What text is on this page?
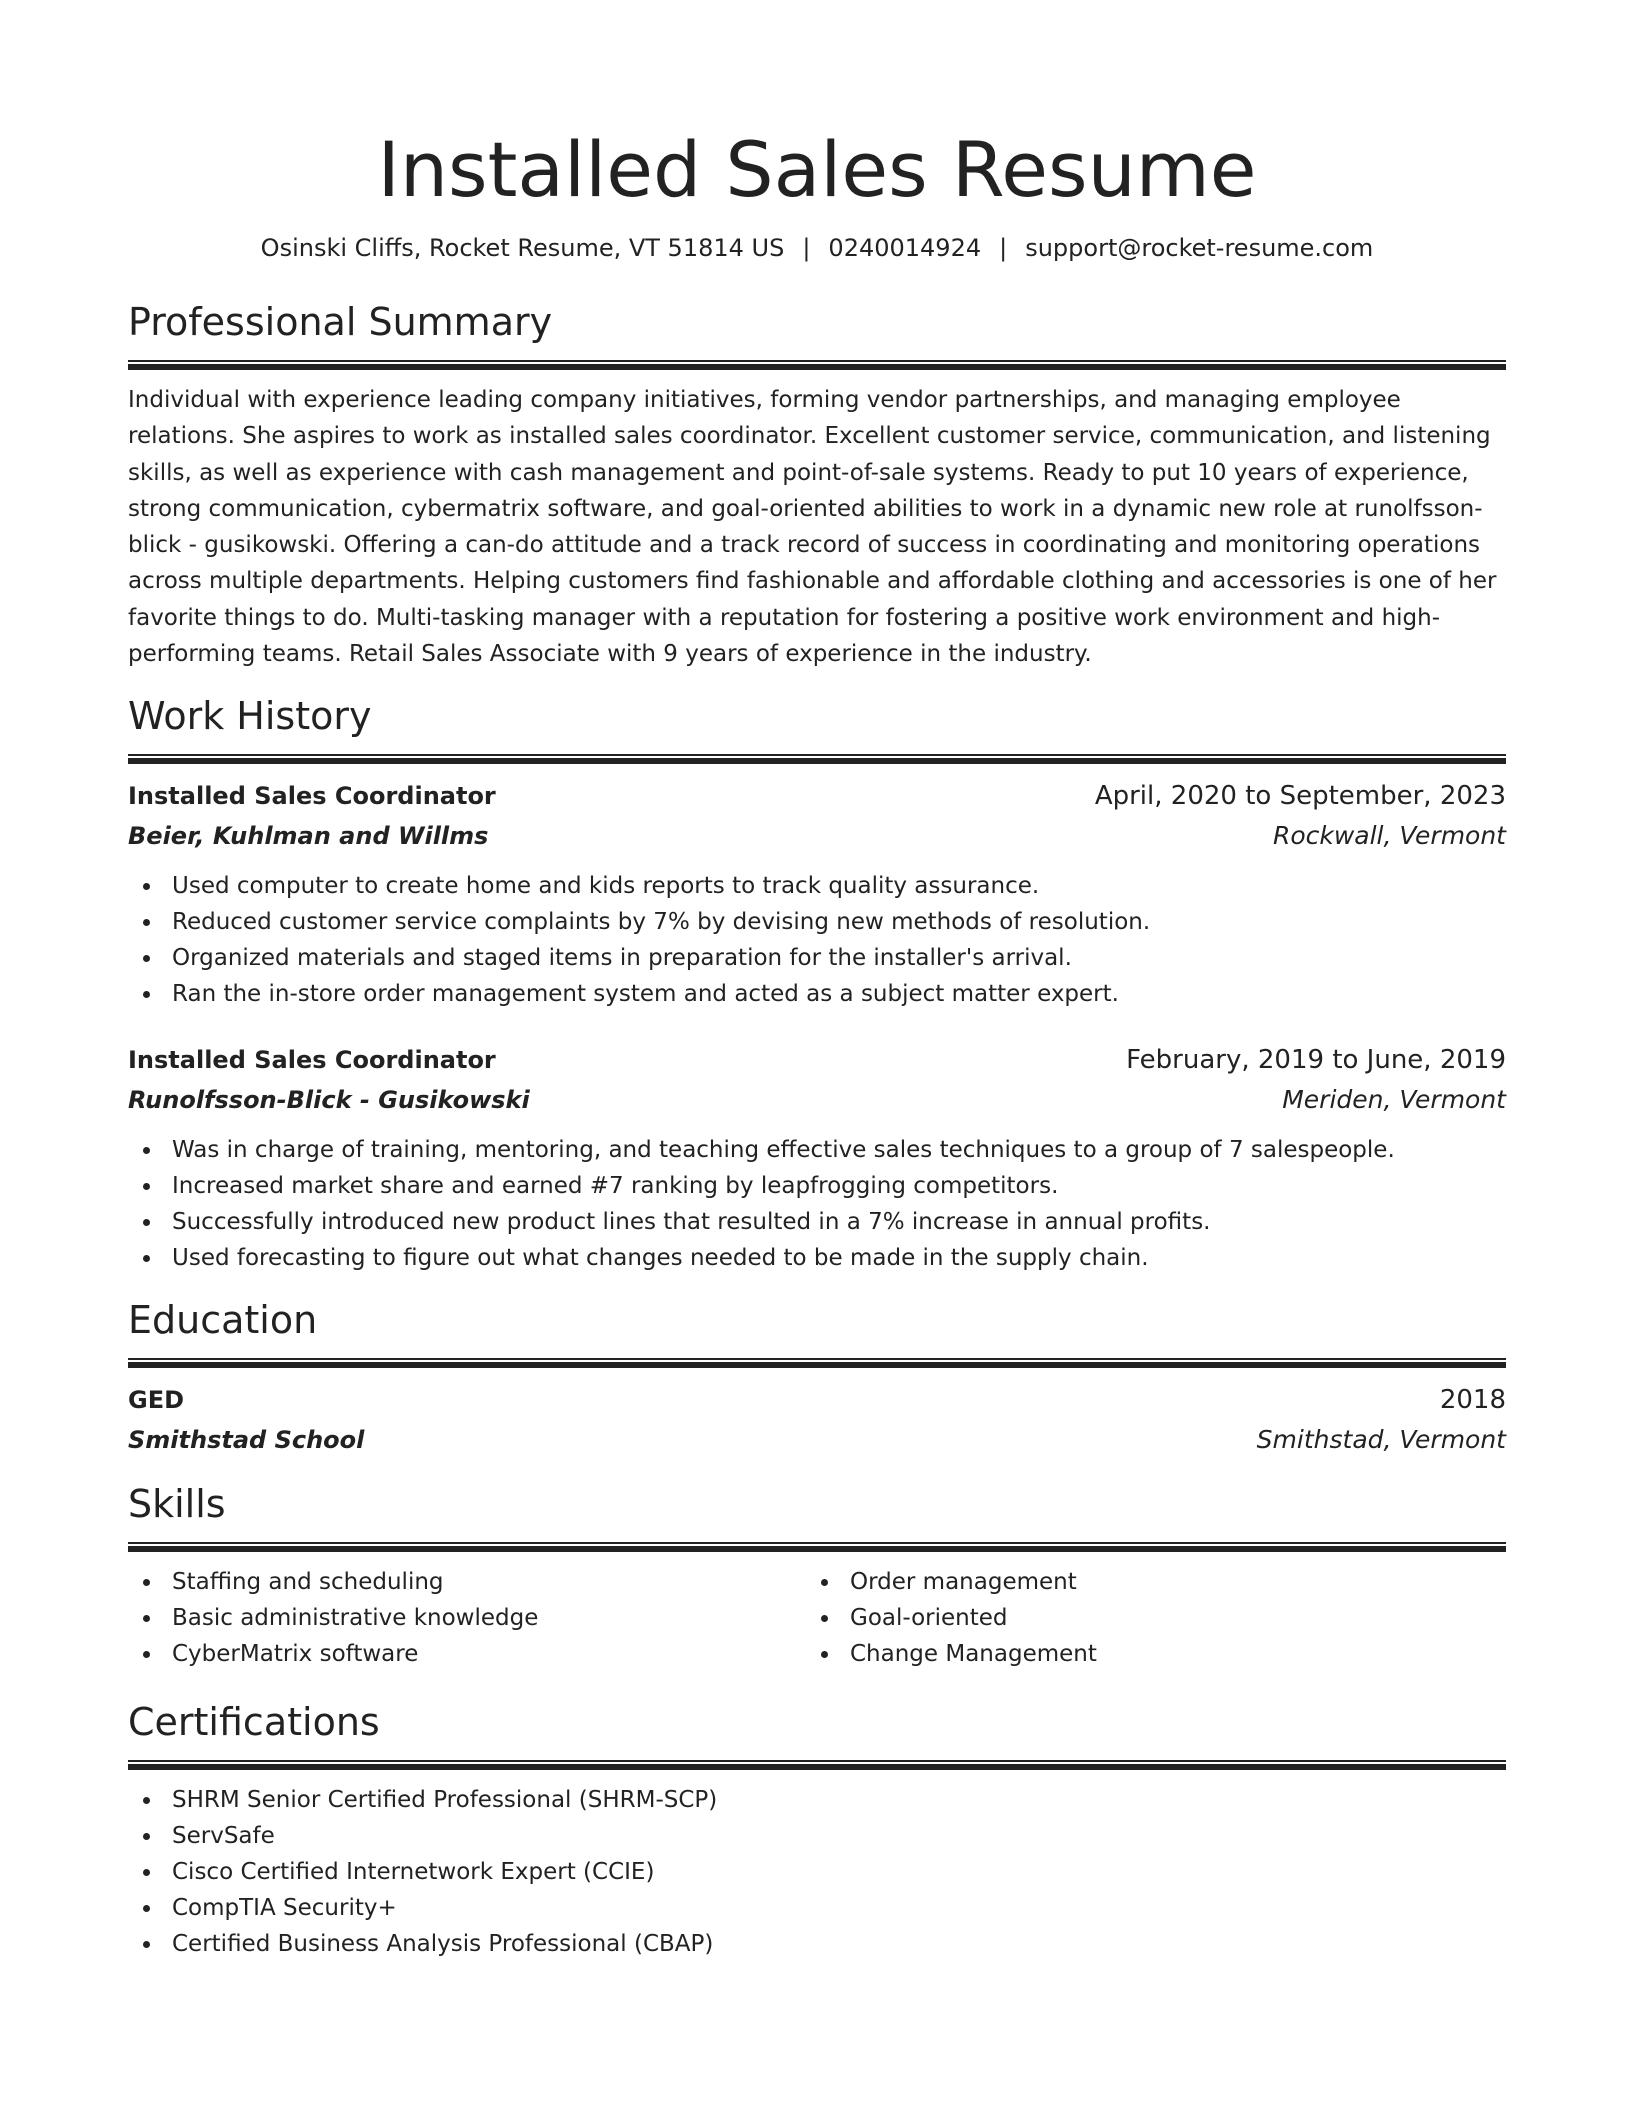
Installed Sales Resume
Osinski Cliffs, Rocket Resume, VT 51814 US | 0240014924 | support@rocket-resume.com
Professional Summary

Individual with experience leading company initiatives, forming vendor partnerships, and managing employee relations. She aspires to work as installed sales coordinator. Excellent customer service, communication, and listening skills, as well as experience with cash management and point-of-sale systems. Ready to put 10 years of experience, strong communication, cybermatrix software, and goal-oriented abilities to work in a dynamic new role at runolfsson-blick - gusikowski. Offering a can-do attitude and a track record of success in coordinating and monitoring operations across multiple departments. Helping customers find fashionable and affordable clothing and accessories is one of her favorite things to do. Multi-tasking manager with a reputation for fostering a positive work environment and high-performing teams. Retail Sales Associate with 9 years of experience in the industry.

Work History
Installed Sales Coordinator	April, 2020 to September, 2023
Beier, Kuhlman and Willms	Rockwall, Vermont
Used computer to create home and kids reports to track quality assurance.
Reduced customer service complaints by 7% by devising new methods of resolution.
Organized materials and staged items in preparation for the installer's arrival.
Ran the in-store order management system and acted as a subject matter expert.
Installed Sales Coordinator	February, 2019 to June, 2019
Runolfsson-Blick - Gusikowski	Meriden, Vermont
Was in charge of training, mentoring, and teaching effective sales techniques to a group of 7 salespeople.
Increased market share and earned #7 ranking by leapfrogging competitors.
Successfully introduced new product lines that resulted in a 7% increase in annual profits.
Used forecasting to figure out what changes needed to be made in the supply chain.
Education
GED	2018
Smithstad School	Smithstad, Vermont
Skills
Staffing and scheduling
Basic administrative knowledge
CyberMatrix software
Order management
Goal-oriented
Change Management
Certifications
SHRM Senior Certified Professional (SHRM-SCP)
ServSafe
Cisco Certified Internetwork Expert (CCIE)
CompTIA Security+
Certified Business Analysis Professional (CBAP)
